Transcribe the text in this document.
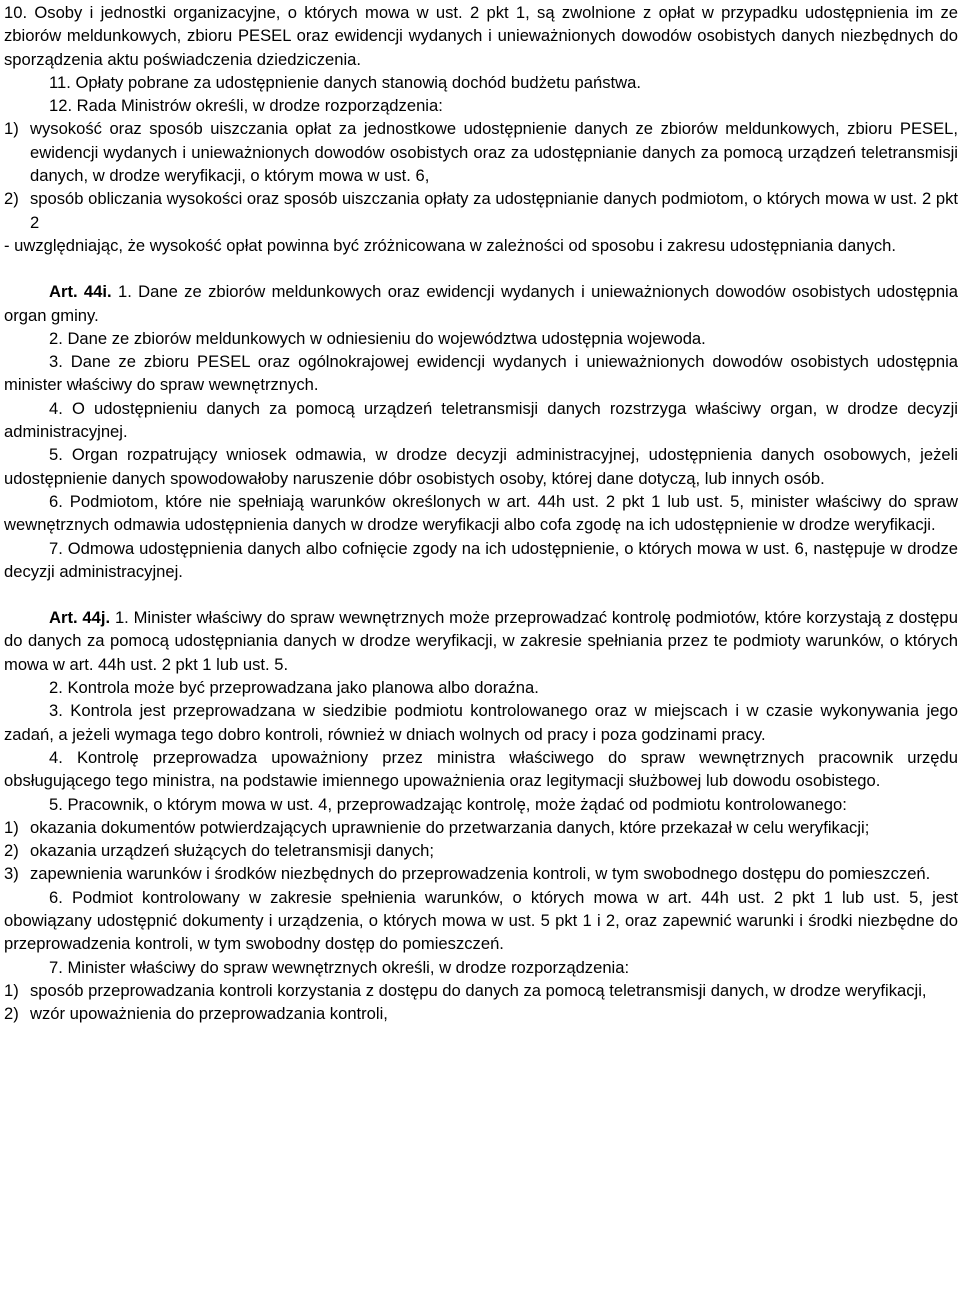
10. Osoby i jednostki organizacyjne, o których mowa w ust. 2 pkt 1, są zwolnione z opłat w przypadku udostępnienia im ze zbiorów meldunkowych, zbioru PESEL oraz ewidencji wydanych i unieważnionych dowodów osobistych danych niezbędnych do sporządzenia aktu poświadczenia dziedziczenia.

11. Opłaty pobrane za udostępnienie danych stanowią dochód budżetu państwa.

12. Rada Ministrów określi, w drodze rozporządzenia:

1) wysokość oraz sposób uiszczania opłat za jednostkowe udostępnienie danych ze zbiorów meldunkowych, zbioru PESEL, ewidencji wydanych i unieważnionych dowodów osobistych oraz za udostępnianie danych za pomocą urządzeń teletransmisji danych, w drodze weryfikacji, o którym mowa w ust. 6,
2) sposób obliczania wysokości oraz sposób uiszczania opłaty za udostępnianie danych podmiotom, o których mowa w ust. 2 pkt 2

- uwzględniając, że wysokość opłat powinna być zróżnicowana w zależności od sposobu i zakresu udostępniania danych.

Art. 44i. 1. Dane ze zbiorów meldunkowych oraz ewidencji wydanych i unieważnionych dowodów osobistych udostępnia organ gminy.

2. Dane ze zbiorów meldunkowych w odniesieniu do województwa udostępnia wojewoda.

3. Dane ze zbioru PESEL oraz ogólnokrajowej ewidencji wydanych i unieważnionych dowodów osobistych udostępnia minister właściwy do spraw wewnętrznych.

4. O udostępnieniu danych za pomocą urządzeń teletransmisji danych rozstrzyga właściwy organ, w drodze decyzji administracyjnej.

5. Organ rozpatrujący wniosek odmawia, w drodze decyzji administracyjnej, udostępnienia danych osobowych, jeżeli udostępnienie danych spowodowałoby naruszenie dóbr osobistych osoby, której dane dotyczą, lub innych osób.

6. Podmiotom, które nie spełniają warunków określonych w art. 44h ust. 2 pkt 1 lub ust. 5, minister właściwy do spraw wewnętrznych odmawia udostępnienia danych w drodze weryfikacji albo cofa zgodę na ich udostępnienie w drodze weryfikacji.

7. Odmowa udostępnienia danych albo cofnięcie zgody na ich udostępnienie, o których mowa w ust. 6, następuje w drodze decyzji administracyjnej.

Art. 44j. 1. Minister właściwy do spraw wewnętrznych może przeprowadzać kontrolę podmiotów, które korzystają z dostępu do danych za pomocą udostępniania danych w drodze weryfikacji, w zakresie spełniania przez te podmioty warunków, o których mowa w art. 44h ust. 2 pkt 1 lub ust. 5.

2. Kontrola może być przeprowadzana jako planowa albo doraźna.

3. Kontrola jest przeprowadzana w siedzibie podmiotu kontrolowanego oraz w miejscach i w czasie wykonywania jego zadań, a jeżeli wymaga tego dobro kontroli, również w dniach wolnych od pracy i poza godzinami pracy.

4. Kontrolę przeprowadza upoważniony przez ministra właściwego do spraw wewnętrznych pracownik urzędu obsługującego tego ministra, na podstawie imiennego upoważnienia oraz legitymacji służbowej lub dowodu osobistego.

5. Pracownik, o którym mowa w ust. 4, przeprowadzając kontrolę, może żądać od podmiotu kontrolowanego:

1) okazania dokumentów potwierdzających uprawnienie do przetwarzania danych, które przekazał w celu weryfikacji;
2) okazania urządzeń służących do teletransmisji danych;
3) zapewnienia warunków i środków niezbędnych do przeprowadzenia kontroli, w tym swobodnego dostępu do pomieszczeń.

6. Podmiot kontrolowany w zakresie spełnienia warunków, o których mowa w art. 44h ust. 2 pkt 1 lub ust. 5, jest obowiązany udostępnić dokumenty i urządzenia, o których mowa w ust. 5 pkt 1 i 2, oraz zapewnić warunki i środki niezbędne do przeprowadzenia kontroli, w tym swobodny dostęp do pomieszczeń.

7. Minister właściwy do spraw wewnętrznych określi, w drodze rozporządzenia:

1) sposób przeprowadzania kontroli korzystania z dostępu do danych za pomocą teletransmisji danych, w drodze weryfikacji,
2) wzór upoważnienia do przeprowadzania kontroli,
